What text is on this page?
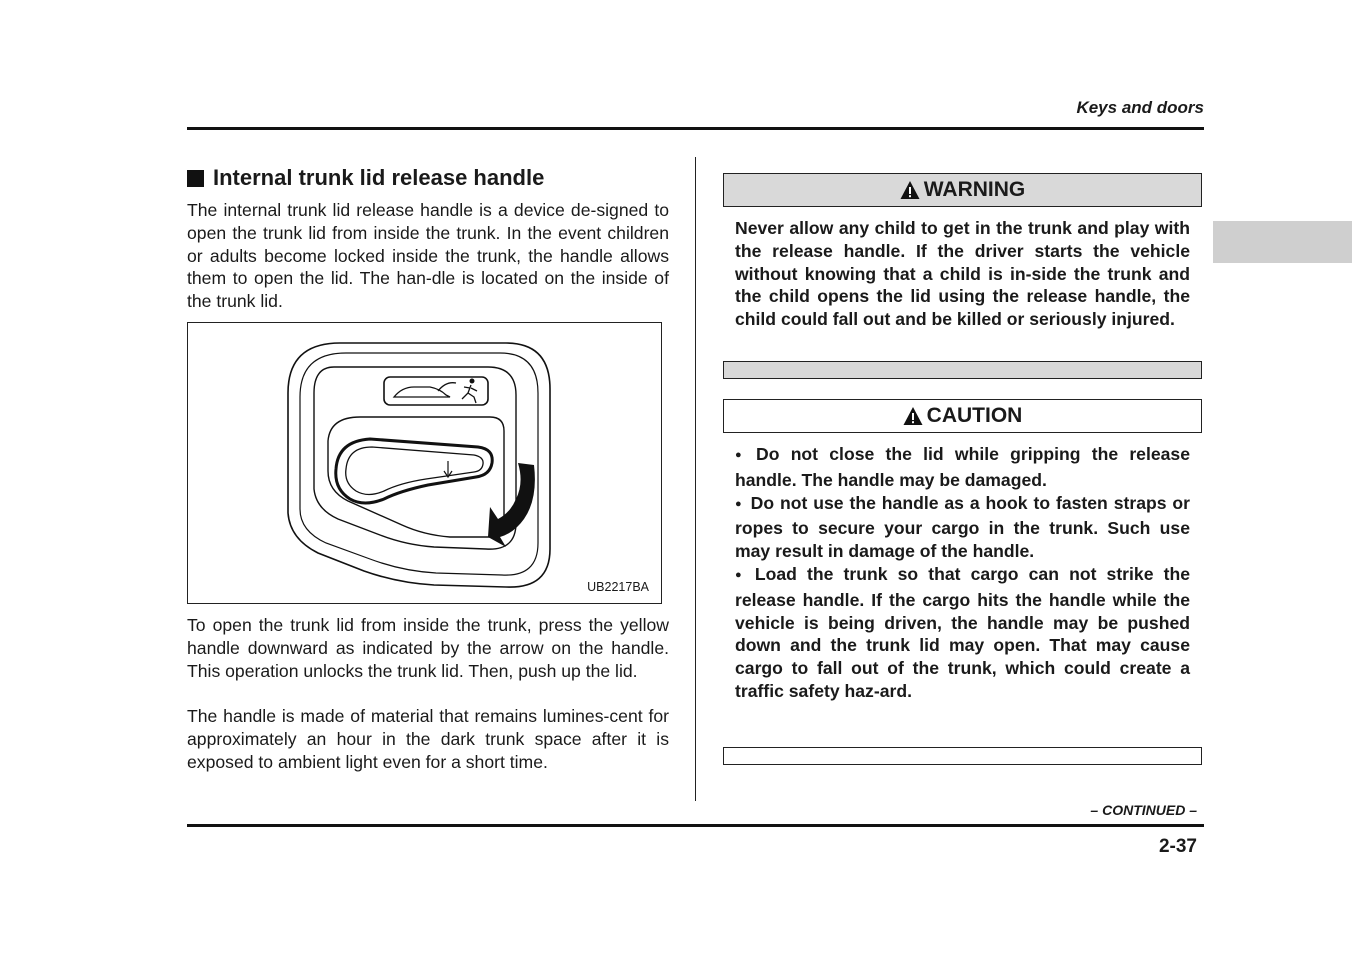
Keys and doors
Internal trunk lid release handle

The internal trunk lid release handle is a device de-signed to open the trunk lid from inside the trunk. In the event children or adults become locked inside the trunk, the handle allows them to open the lid. The han-dle is located on the inside of the trunk lid.

UB2217BA

To open the trunk lid from inside the trunk, press the yellow handle downward as indicated by the arrow on the handle. This operation unlocks the trunk lid. Then, push up the lid.

The handle is made of material that remains lumines-cent for approximately an hour in the dark trunk space after it is exposed to ambient light even for a short time.

WARNING

Never allow any child to get in the trunk and play with the release handle. If the driver starts the vehicle without knowing that a child is in-side the trunk and the child opens the lid using the release handle, the child could fall out and be killed or seriously injured.

CAUTION
● Do not close the lid while gripping the release handle. The handle may be damaged.
● Do not use the handle as a hook to fasten straps or ropes to secure your cargo in the trunk. Such use may result in damage of the handle.
● Load the trunk so that cargo can not strike the release handle. If the cargo hits the handle while the vehicle is being driven, the handle may be pushed down and the trunk lid may open. That may cause cargo to fall out of the trunk, which could create a traffic safety haz-ard.
– CONTINUED –
2-37
